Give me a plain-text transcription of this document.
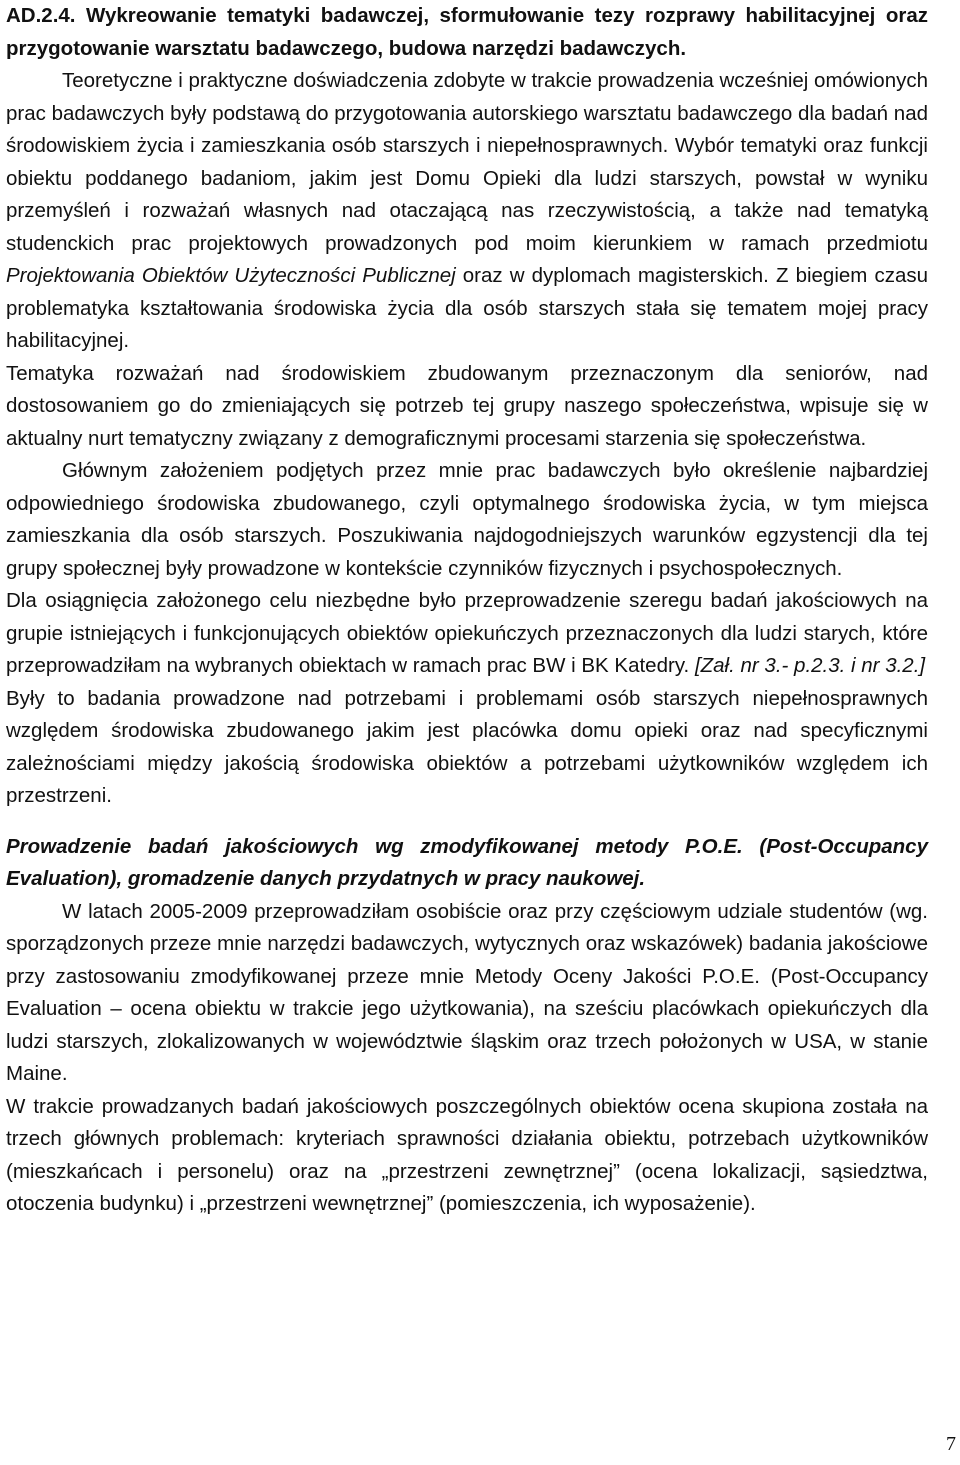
AD.2.4. Wykreowanie tematyki badawczej, sformułowanie tezy rozprawy habilitacyjnej oraz przygotowanie warsztatu badawczego, budowa narzędzi badawczych.

Teoretyczne i praktyczne doświadczenia zdobyte w trakcie prowadzenia wcześniej omówionych prac badawczych były podstawą do przygotowania autorskiego warsztatu badawczego dla badań nad środowiskiem życia i zamieszkania osób starszych i niepełnosprawnych. Wybór tematyki oraz funkcji obiektu poddanego badaniom, jakim jest Domu Opieki dla ludzi starszych, powstał w wyniku przemyśleń i rozważań własnych nad otaczającą nas rzeczywistością, a także nad tematyką studenckich prac projektowych prowadzonych pod moim kierunkiem w ramach przedmiotu Projektowania Obiektów Użyteczności Publicznej oraz w dyplomach magisterskich. Z biegiem czasu problematyka kształtowania środowiska życia dla osób starszych stała się tematem mojej pracy habilitacyjnej.

Tematyka rozważań nad środowiskiem zbudowanym przeznaczonym dla seniorów, nad dostosowaniem go do zmieniających się potrzeb tej grupy naszego społeczeństwa, wpisuje się w aktualny nurt tematyczny związany z demograficznymi procesami starzenia się społeczeństwa.

Głównym założeniem podjętych przez mnie prac badawczych było określenie najbardziej odpowiedniego środowiska zbudowanego, czyli optymalnego środowiska życia, w tym miejsca zamieszkania dla osób starszych. Poszukiwania najdogodniejszych warunków egzystencji dla tej grupy społecznej były prowadzone w kontekście czynników fizycznych i psychospołecznych.

Dla osiągnięcia założonego celu niezbędne było przeprowadzenie szeregu badań jakościowych na grupie istniejących i funkcjonujących obiektów opiekuńczych przeznaczonych dla ludzi starych, które przeprowadziłam na wybranych obiektach w ramach prac BW i BK Katedry. [Zał. nr 3.- p.2.3. i nr 3.2.]

Były to badania prowadzone nad potrzebami i problemami osób starszych niepełnosprawnych względem środowiska zbudowanego jakim jest placówka domu opieki oraz nad specyficznymi zależnościami między jakością środowiska obiektów a potrzebami użytkowników względem ich przestrzeni.

Prowadzenie badań jakościowych wg zmodyfikowanej metody P.O.E. (Post-Occupancy Evaluation), gromadzenie danych przydatnych w pracy naukowej.

W latach 2005-2009 przeprowadziłam osobiście oraz przy częściowym udziale studentów (wg. sporządzonych przeze mnie narzędzi badawczych, wytycznych oraz wskazówek) badania jakościowe przy zastosowaniu zmodyfikowanej przeze mnie Metody Oceny Jakości P.O.E. (Post-Occupancy Evaluation – ocena obiektu w trakcie jego użytkowania), na sześciu placówkach opiekuńczych dla ludzi starszych, zlokalizowanych w województwie śląskim oraz trzech położonych w USA, w stanie Maine.

W trakcie prowadzanych badań jakościowych poszczególnych obiektów ocena skupiona została na trzech głównych problemach: kryteriach sprawności działania obiektu, potrzebach użytkowników (mieszkańcach i personelu) oraz na „przestrzeni zewnętrznej” (ocena lokalizacji, sąsiedztwa, otoczenia budynku) i „przestrzeni wewnętrznej” (pomieszczenia, ich wyposażenie).

7
